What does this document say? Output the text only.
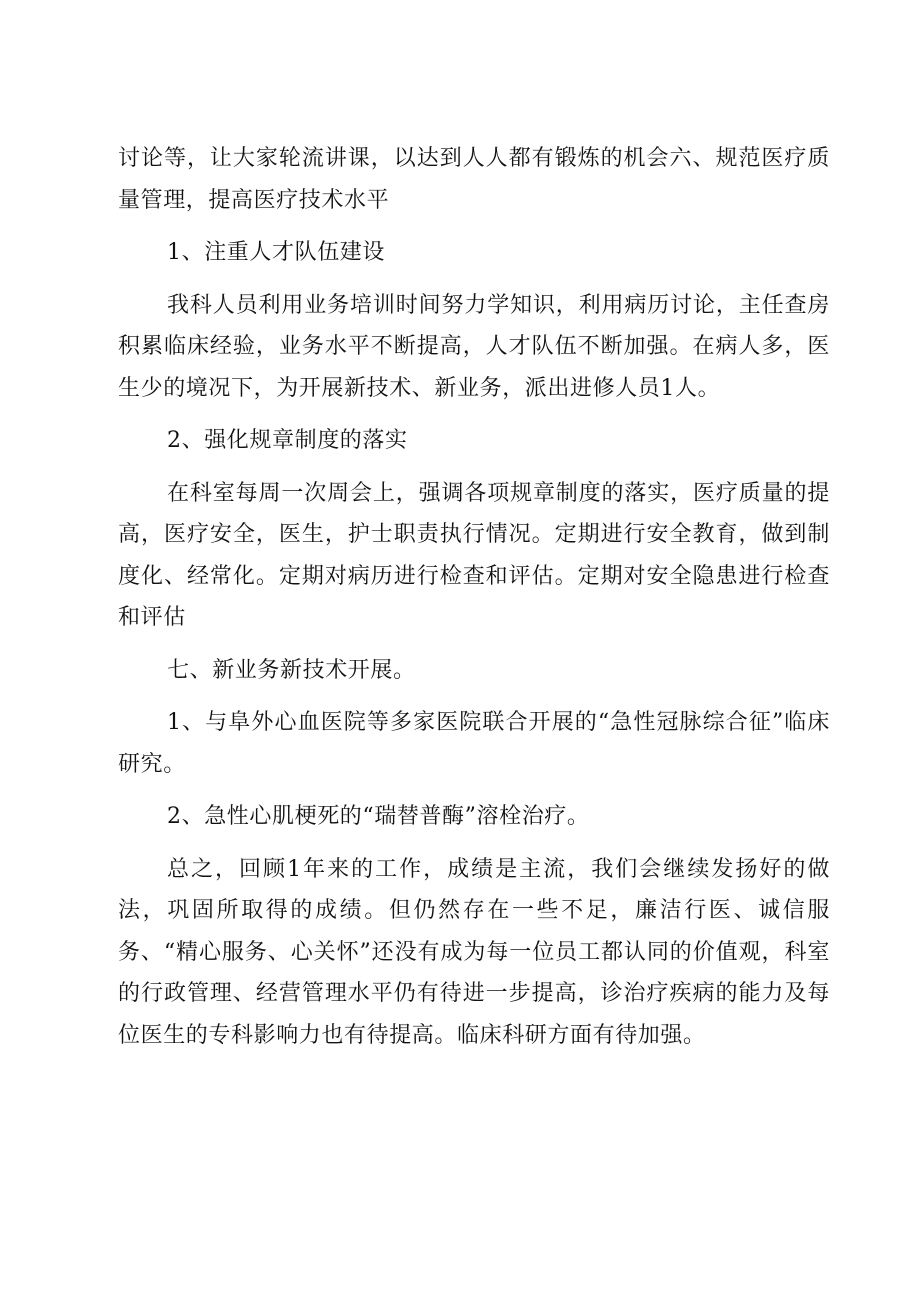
讨论等，让大家轮流讲课，以达到人人都有锻炼的机会六、规范医疗质量管理，提高医疗技术水平

1、注重人才队伍建设

我科人员利用业务培训时间努力学知识，利用病历讨论，主任查房积累临床经验，业务水平不断提高，人才队伍不断加强。在病人多，医生少的境况下，为开展新技术、新业务，派出进修人员1人。

2、强化规章制度的落实

在科室每周一次周会上，强调各项规章制度的落实，医疗质量的提高，医疗安全，医生，护士职责执行情况。定期进行安全教育，做到制度化、经常化。定期对病历进行检查和评估。定期对安全隐患进行检查和评估

七、新业务新技术开展。

1、与阜外心血医院等多家医院联合开展的“急性冠脉综合征”临床研究。

2、急性心肌梗死的“瑞替普酶”溶栓治疗。

总之，回顾1年来的工作，成绩是主流，我们会继续发扬好的做法，巩固所取得的成绩。但仍然存在一些不足，廉洁行医、诚信服务、“精心服务、心关怀”还没有成为每一位员工都认同的价值观，科室的行政管理、经营管理水平仍有待进一步提高，诊治疗疾病的能力及每位医生的专科影响力也有待提高。临床科研方面有待加强。
